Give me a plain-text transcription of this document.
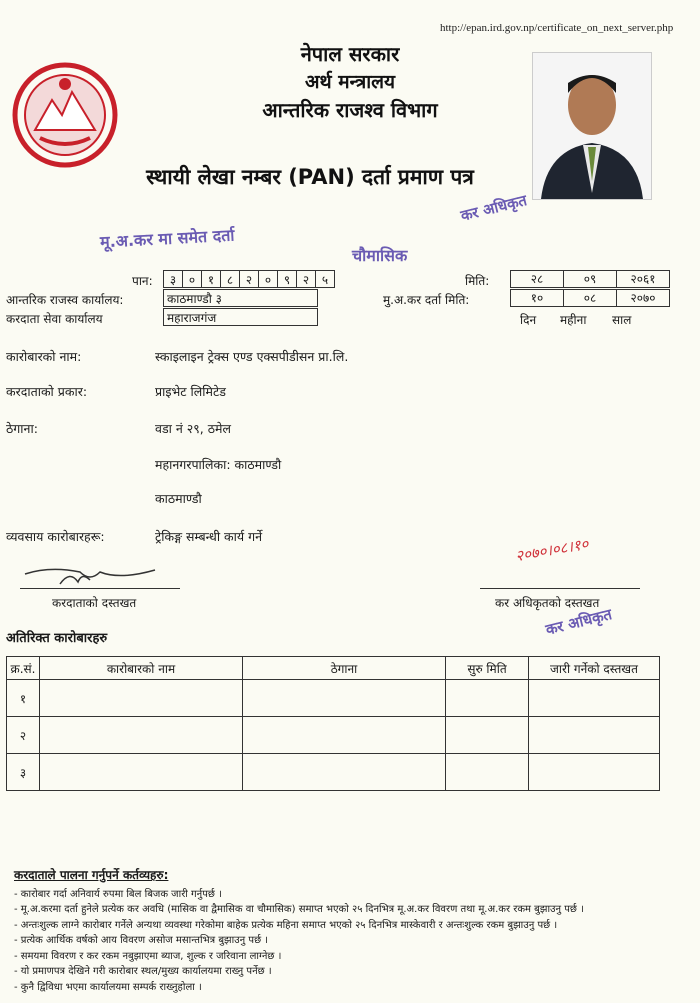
http://epan.ird.gov.np/certificate_on_next_server.php
नेपाल सरकार
अर्थ मन्त्रालय
आन्तरिक राजश्व विभाग
स्थायी लेखा नम्बर (PAN) दर्ता प्रमाण पत्र
मू.अ.कर मा समेत दर्ता
चौमासिक
कर अधिकृत
पान:	३	०	१	८	२	०	९	२	५	मिति:	२८	०९	२०६१
आन्तरिक राजस्व कार्यालय:	काठमाण्डौ ३	मु.अ.कर दर्ता मिति:	१०	०८	२०७०
करदाता सेवा कार्यालय	महाराजगंज	दिन महीना साल
कारोबारको नाम:	स्काइलाइन ट्रेक्स एण्ड एक्सपीडीसन प्रा.लि.
करदाताको प्रकार:	प्राइभेट लिमिटेड
ठेगाना:	वडा नं २९, ठमेल
महानगरपालिका: काठमाण्डौ
काठमाण्डौ
व्यवसाय कारोबारहरू:	ट्रेकिङ्ग सम्बन्धी कार्य गर्ने
करदाताको दस्तखत
२०७०।०८।१०
कर अधिकृतको दस्तखत
कर अधिकृत
अतिरिक्त कारोबारहरु
क्र.सं.	कारोबारको नाम	ठेगाना	सुरु मिति	जारी गर्नेको दस्तखत
१				
२				
३				
करदाताले पालना गर्नुपर्ने कर्तव्यहरु:
- कारोबार गर्दा अनिवार्य रुपमा बिल बिजक जारी गर्नुपर्छ ।
- मू.अ.करमा दर्ता हुनेले प्रत्येक कर अवधि (मासिक वा द्वैमासिक वा चौमासिक) समाप्त भएको २५ दिनभित्र मू.अ.कर विवरण तथा मू.अ.कर रकम बुझाउनु पर्छ ।
- अन्तःशुल्क लाग्ने कारोबार गर्नेले अन्यथा व्यवस्था गरेकोमा बाहेक प्रत्येक महिना समाप्त भएको २५ दिनभित्र मास्केवारी र अन्तःशुल्क रकम बुझाउनु पर्छ ।
- प्रत्येक आर्थिक वर्षको आय विवरण असोज मसान्तभित्र बुझाउनु पर्छ ।
- समयमा विवरण र कर रकम नबुझाएमा ब्याज, शुल्क र जरिवाना लाग्नेछ ।
- यो प्रमाणपत्र देखिने गरी कारोबार स्थल/मुख्य कार्यालयमा राख्नु पर्नेछ ।
- कुनै द्विविधा भएमा कार्यालयमा सम्पर्क राख्नुहोला ।
